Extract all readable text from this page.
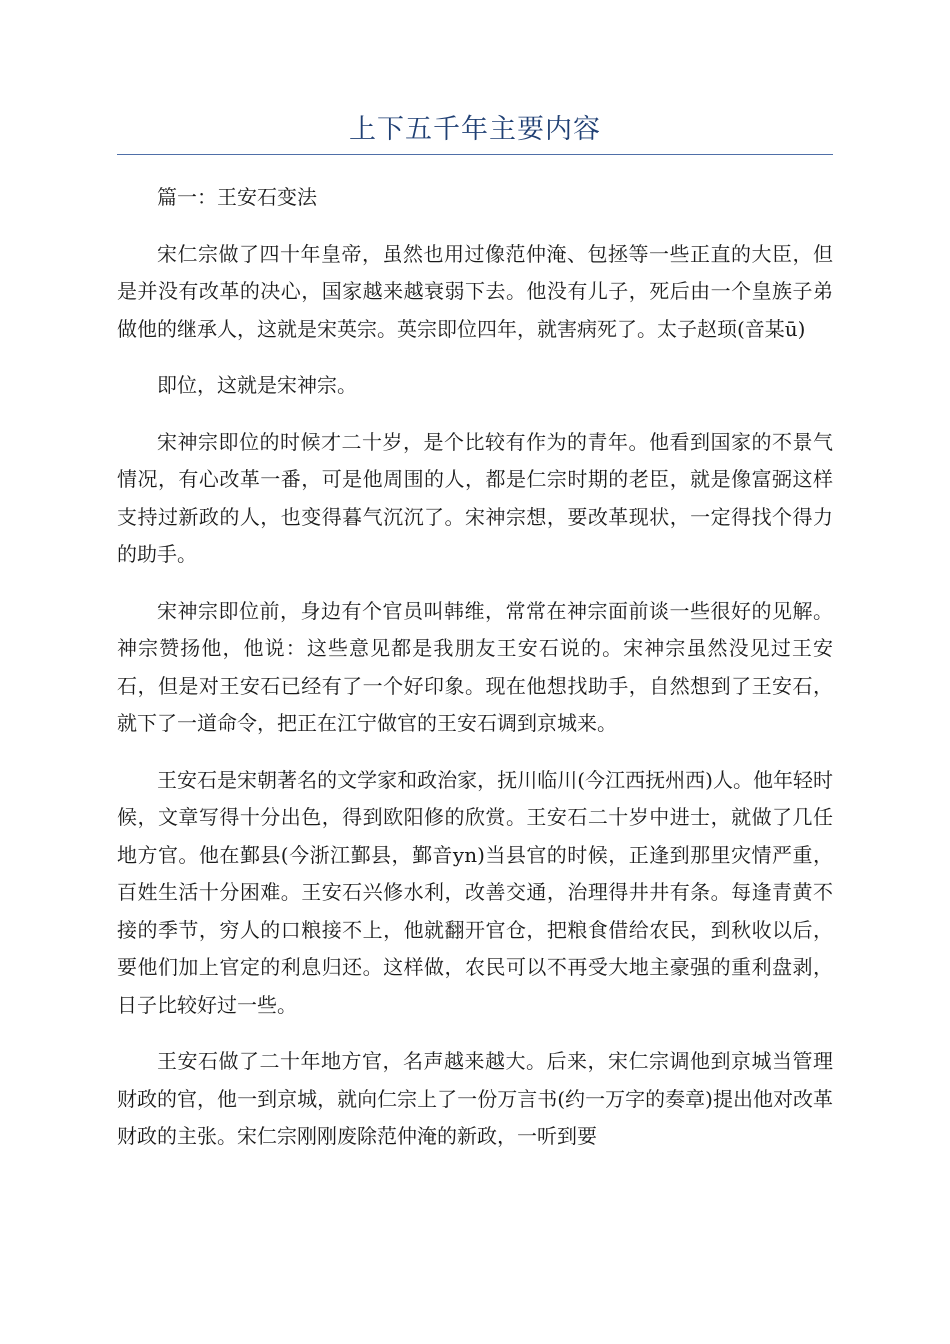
上下五千年主要内容

篇一：王安石变法

宋仁宗做了四十年皇帝，虽然也用过像范仲淹、包拯等一些正直的大臣，但是并没有改革的决心，国家越来越衰弱下去。他没有儿子，死后由一个皇族子弟做他的继承人，这就是宋英宗。英宗即位四年，就害病死了。太子赵顼(音某ū)

即位，这就是宋神宗。

宋神宗即位的时候才二十岁，是个比较有作为的青年。他看到国家的不景气情况，有心改革一番，可是他周围的人，都是仁宗时期的老臣，就是像富弼这样支持过新政的人，也变得暮气沉沉了。宋神宗想，要改革现状，一定得找个得力的助手。

宋神宗即位前，身边有个官员叫韩维，常常在神宗面前谈一些很好的见解。神宗赞扬他，他说：这些意见都是我朋友王安石说的。宋神宗虽然没见过王安石，但是对王安石已经有了一个好印象。现在他想找助手，自然想到了王安石，就下了一道命令，把正在江宁做官的王安石调到京城来。

王安石是宋朝著名的文学家和政治家，抚川临川(今江西抚州西)人。他年轻时候，文章写得十分出色，得到欧阳修的欣赏。王安石二十岁中进士，就做了几任地方官。他在鄞县(今浙江鄞县，鄞音yn)当县官的时候，正逢到那里灾情严重，百姓生活十分困难。王安石兴修水利，改善交通，治理得井井有条。每逢青黄不接的季节，穷人的口粮接不上，他就翻开官仓，把粮食借给农民，到秋收以后，要他们加上官定的利息归还。这样做，农民可以不再受大地主豪强的重利盘剥，日子比较好过一些。

王安石做了二十年地方官，名声越来越大。后来，宋仁宗调他到京城当管理财政的官，他一到京城，就向仁宗上了一份万言书(约一万字的奏章)提出他对改革财政的主张。宋仁宗刚刚废除范仲淹的新政，一听到要
